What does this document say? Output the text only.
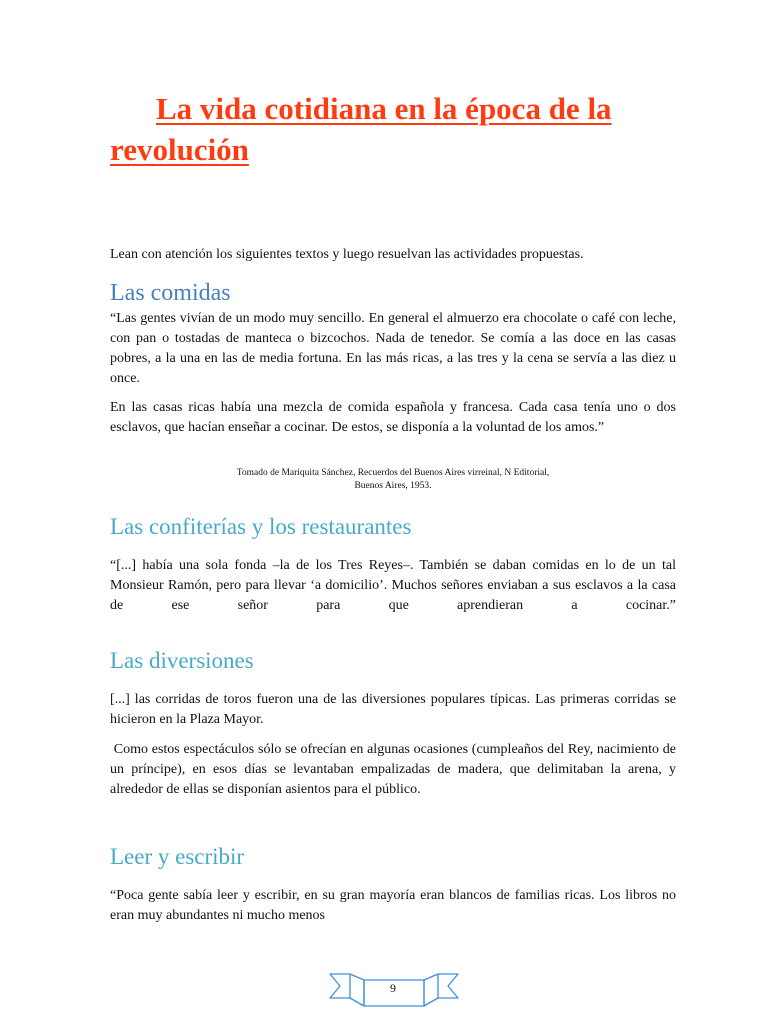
La vida cotidiana en la época de la revolución
Lean con atención los siguientes textos y luego resuelvan las actividades propuestas.
Las comidas

“Las gentes vivían de un modo muy sencillo. En general el almuerzo era chocolate o café con leche, con pan o tostadas de manteca o bizcochos. Nada de tenedor. Se comía a las doce en las casas pobres, a la una en las de media fortuna. En las más ricas, a las tres y la cena se servía a las diez u once.

En las casas ricas había una mezcla de comida española y francesa. Cada casa tenía uno o dos esclavos, que hacían enseñar a cocinar. De estos, se disponía a la voluntad de los amos.”

Tomado de Mariquita Sánchez, Recuerdos del Buenos Aires virreinal, N Editorial,
Buenos Aires, 1953.
Las confiterías y los restaurantes

“[...] había una sola fonda –la de los Tres Reyes–. También se daban comidas en lo de un tal Monsieur Ramón, pero para llevar ‘a domicilio’. Muchos señores enviaban a sus esclavos a la casa de ese señor para que aprendieran a cocinar.”

Las diversiones

[...] las corridas de toros fueron una de las diversiones populares típicas. Las primeras corridas se hicieron en la Plaza Mayor.

Como estos espectáculos sólo se ofrecían en algunas ocasiones (cumpleaños del Rey, nacimiento de un príncipe), en esos días se levantaban empalizadas de madera, que delimitaban la arena, y alrededor de ellas se disponían asientos para el público.

Leer y escribir

“Poca gente sabía leer y escribir, en su gran mayoría eran blancos de familias ricas. Los libros no eran muy abundantes ni mucho menos

9
